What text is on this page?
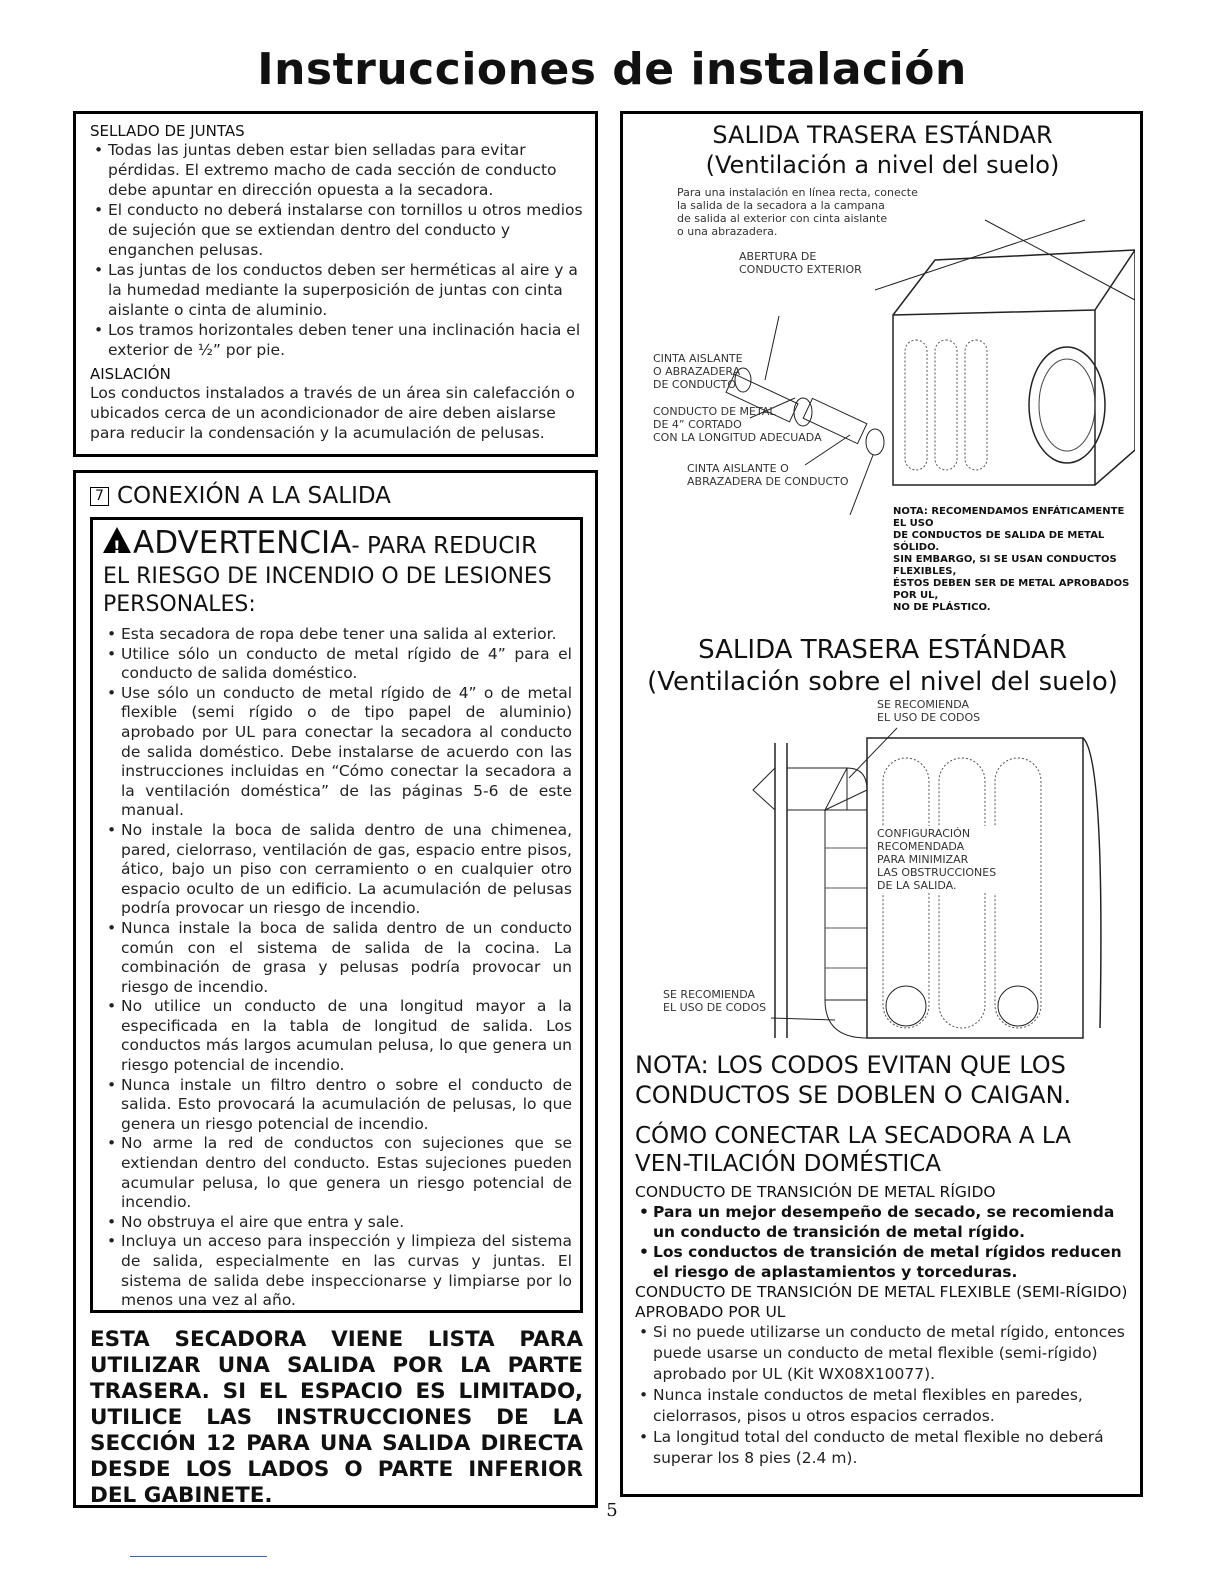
Instrucciones de instalación
SELLADO DE JUNTAS
• Todas las juntas deben estar bien selladas para evitar pérdidas. El extremo macho de cada sección de conducto debe apuntar en dirección opuesta a la secadora.
• El conducto no deberá instalarse con tornillos u otros medios de sujeción que se extiendan dentro del conducto y enganchen pelusas.
• Las juntas de los conductos deben ser herméticas al aire y a la humedad mediante la superposición de juntas con cinta aislante o cinta de aluminio.
• Los tramos horizontales deben tener una inclinación hacia el exterior de ½” por pie.
AISLACIÓN
Los conductos instalados a través de un área sin calefacción o ubicados cerca de un acondicionador de aire deben aislarse para reducir la condensación y la acumulación de pelusas.
7 CONEXIÓN A LA SALIDA
!
ADVERTENCIA - PARA REDUCIR
EL RIESGO DE INCENDIO O DE LESIONES PERSONALES:
• Esta secadora de ropa debe tener una salida al exterior.
• Utilice sólo un conducto de metal rígido de 4” para el conducto de salida doméstico.
• Use sólo un conducto de metal rígido de 4” o de metal flexible (semi rígido o de tipo papel de aluminio) aprobado por UL para conectar la secadora al conducto de salida doméstico. Debe instalarse de acuerdo con las instrucciones incluidas en “Cómo conectar la secadora a la ventilación doméstica” de las páginas 5-6 de este manual.
• No instale la boca de salida dentro de una chimenea, pared, cielorraso, ventilación de gas, espacio entre pisos, ático, bajo un piso con cerramiento o en cualquier otro espacio oculto de un edificio. La acumulación de pelusas podría provocar un riesgo de incendio.
• Nunca instale la boca de salida dentro de un conducto común con el sistema de salida de la cocina. La combinación de grasa y pelusas podría provocar un riesgo de incendio.
• No utilice un conducto de una longitud mayor a la especificada en la tabla de longitud de salida. Los conductos más largos acumulan pelusa, lo que genera un riesgo potencial de incendio.
• Nunca instale un filtro dentro o sobre el conducto de salida. Esto provocará la acumulación de pelusas, lo que genera un riesgo potencial de incendio.
• No arme la red de conductos con sujeciones que se extiendan dentro del conducto. Estas sujeciones pueden acumular pelusa, lo que genera un riesgo potencial de incendio.
• No obstruya el aire que entra y sale.
• Incluya un acceso para inspección y limpieza del sistema de salida, especialmente en las curvas y juntas. El sistema de salida debe inspeccionarse y limpiarse por lo menos una vez al año.
ESTA SECADORA VIENE LISTA PARA UTILIZAR UNA SALIDA POR LA PARTE TRASERA. SI EL ESPACIO ES LIMITADO, UTILICE LAS INSTRUCCIONES DE LA SECCIÓN 12 PARA UNA SALIDA DIRECTA DESDE LOS LADOS O PARTE INFERIOR DEL GABINETE.
SALIDA TRASERA ESTÁNDAR
(Ventilación a nivel del suelo)
Para una instalación en línea recta, conecte
la salida de la secadora a la campana
de salida al exterior con cinta aislante
o una abrazadera.
ABERTURA DE
CONDUCTO EXTERIOR
CINTA AISLANTE
O ABRAZADERA
DE CONDUCTO
CONDUCTO DE METAL
DE 4” CORTADO
CON LA LONGITUD ADECUADA
CINTA AISLANTE O
ABRAZADERA DE CONDUCTO
NOTA: RECOMENDAMOS ENFÁTICAMENTE EL USO
DE CONDUCTOS DE SALIDA DE METAL SÓLIDO.
SIN EMBARGO, SI SE USAN CONDUCTOS FLEXIBLES,
ÉSTOS DEBEN SER DE METAL APROBADOS POR UL,
NO DE PLÁSTICO.
SALIDA TRASERA ESTÁNDAR
(Ventilación sobre el nivel del suelo)
SE RECOMIENDA
EL USO DE CODOS
CONFIGURACIÓN
RECOMENDADA
PARA MINIMIZAR
LAS OBSTRUCCIONES
DE LA SALIDA.
SE RECOMIENDA
EL USO DE CODOS
NOTA: LOS CODOS EVITAN QUE LOS CONDUCTOS SE DOBLEN O CAIGAN.
CÓMO CONECTAR LA SECADORA A LA VEN-TILACIÓN DOMÉSTICA
CONDUCTO DE TRANSICIÓN DE METAL RÍGIDO
• Para un mejor desempeño de secado, se recomienda un conducto de transición de metal rígido.
• Los conductos de transición de metal rígidos reducen el riesgo de aplastamientos y torceduras.
CONDUCTO DE TRANSICIÓN DE METAL FLEXIBLE (SEMI-RÍGIDO) APROBADO POR UL
• Si no puede utilizarse un conducto de metal rígido, entonces puede usarse un conducto de metal flexible (semi-rígido) aprobado por UL (Kit WX08X10077).
• Nunca instale conductos de metal flexibles en paredes, cielorrasos, pisos u otros espacios cerrados.
• La longitud total del conducto de metal flexible no deberá superar los 8 pies (2.4 m).
5
